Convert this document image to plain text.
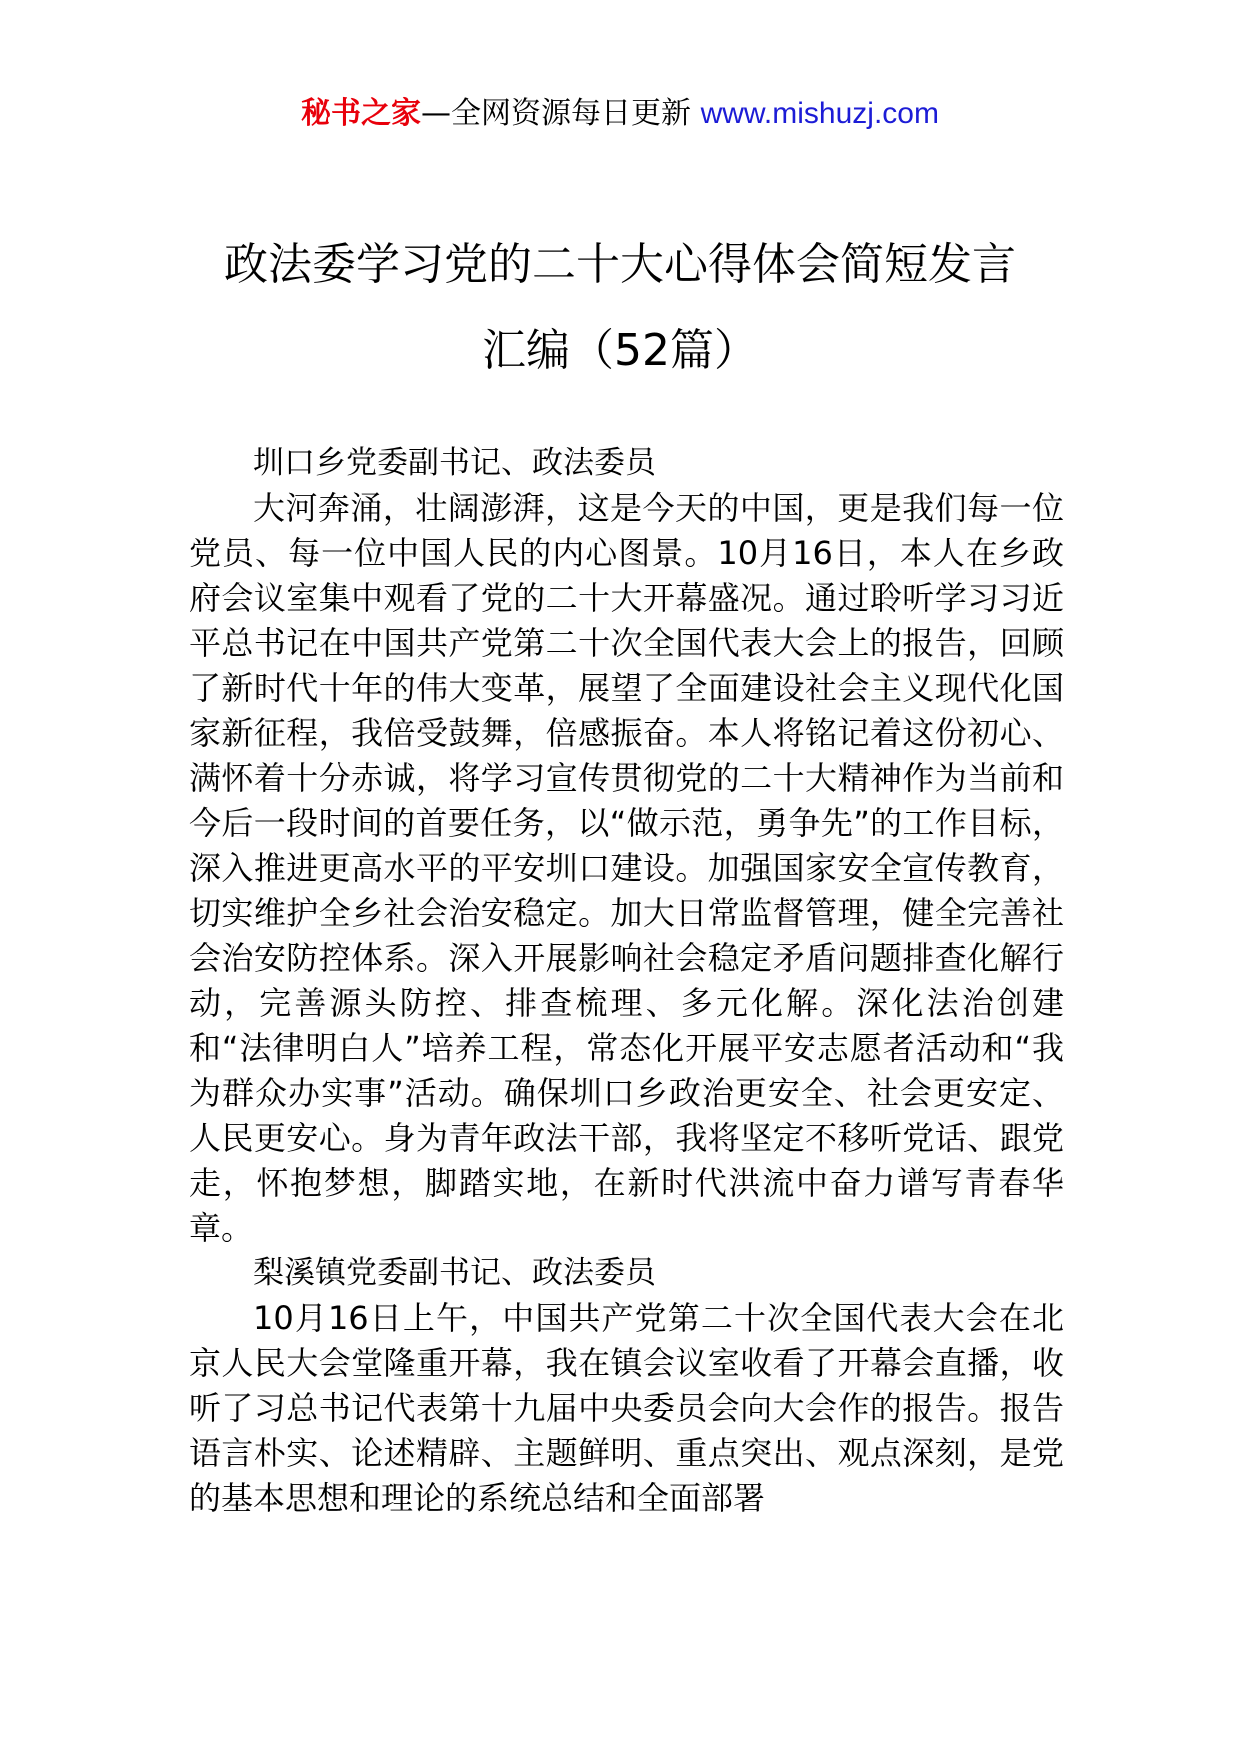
秘书之家—全网资源每日更新 www.mishuzj.com
政法委学习党的二十大心得体会简短发言
汇编（52篇）

圳口乡党委副书记、政法委员

大河奔涌，壮阔澎湃，这是今天的中国，更是我们每一位党员、每一位中国人民的内心图景。10月16日，本人在乡政府会议室集中观看了党的二十大开幕盛况。通过聆听学习习近平总书记在中国共产党第二十次全国代表大会上的报告，回顾了新时代十年的伟大变革，展望了全面建设社会主义现代化国家新征程，我倍受鼓舞，倍感振奋。本人将铭记着这份初心、满怀着十分赤诚，将学习宣传贯彻党的二十大精神作为当前和今后一段时间的首要任务，以“做示范，勇争先”的工作目标，深入推进更高水平的平安圳口建设。加强国家安全宣传教育，切实维护全乡社会治安稳定。加大日常监督管理，健全完善社会治安防控体系。深入开展影响社会稳定矛盾问题排查化解行动，完善源头防控、排查梳理、多元化解。深化法治创建和“法律明白人”培养工程，常态化开展平安志愿者活动和“我为群众办实事”活动。确保圳口乡政治更安全、社会更安定、人民更安心。身为青年政法干部，我将坚定不移听党话、跟党走，怀抱梦想，脚踏实地，在新时代洪流中奋力谱写青春华章。

梨溪镇党委副书记、政法委员

10月16日上午，中国共产党第二十次全国代表大会在北京人民大会堂隆重开幕，我在镇会议室收看了开幕会直播，收听了习总书记代表第十九届中央委员会向大会作的报告。报告语言朴实、论述精辟、主题鲜明、重点突出、观点深刻，是党的基本思想和理论的系统总结和全面部署
